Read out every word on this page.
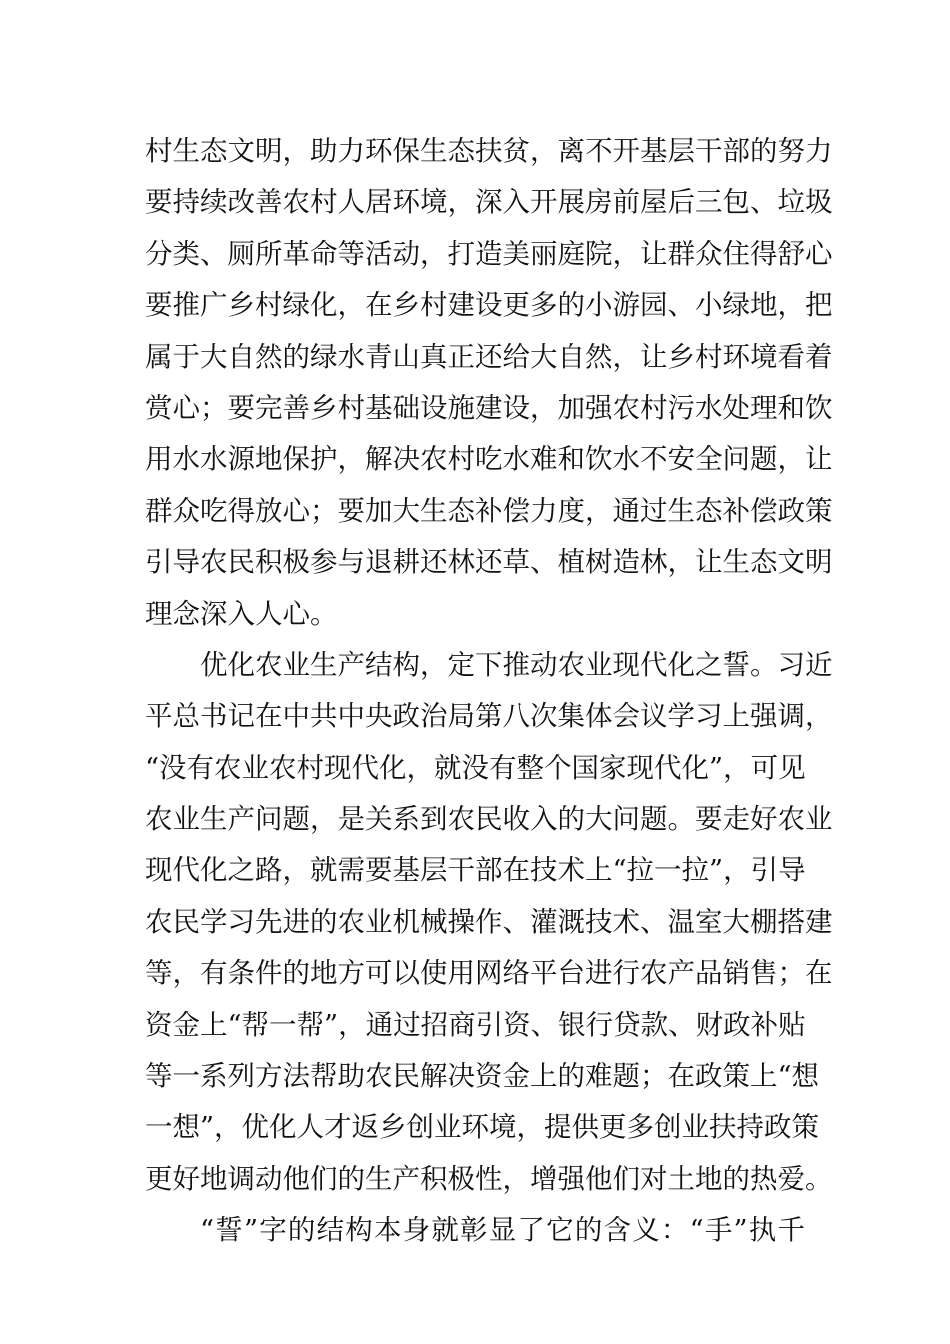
村生态文明，助力环保生态扶贫，离不开基层干部的努力
要持续改善农村人居环境，深入开展房前屋后三包、垃圾
分类、厕所革命等活动，打造美丽庭院，让群众住得舒心
要推广乡村绿化，在乡村建设更多的小游园、小绿地，把
属于大自然的绿水青山真正还给大自然，让乡村环境看着
赏心；要完善乡村基础设施建设，加强农村污水处理和饮
用水水源地保护，解决农村吃水难和饮水不安全问题，让
群众吃得放心；要加大生态补偿力度，通过生态补偿政策
引导农民积极参与退耕还林还草、植树造林，让生态文明
理念深入人心。
优化农业生产结构，定下推动农业现代化之誓。习近
平总书记在中共中央政治局第八次集体会议学习上强调，
“没有农业农村现代化，就没有整个国家现代化”，可见
农业生产问题，是关系到农民收入的大问题。要走好农业
现代化之路，就需要基层干部在技术上“拉一拉”，引导
农民学习先进的农业机械操作、灌溉技术、温室大棚搭建
等，有条件的地方可以使用网络平台进行农产品销售；在
资金上“帮一帮”，通过招商引资、银行贷款、财政补贴
等一系列方法帮助农民解决资金上的难题；在政策上“想
一想”，优化人才返乡创业环境，提供更多创业扶持政策
更好地调动他们的生产积极性，增强他们对土地的热爱。
“誓”字的结构本身就彰显了它的含义：“手”执千
